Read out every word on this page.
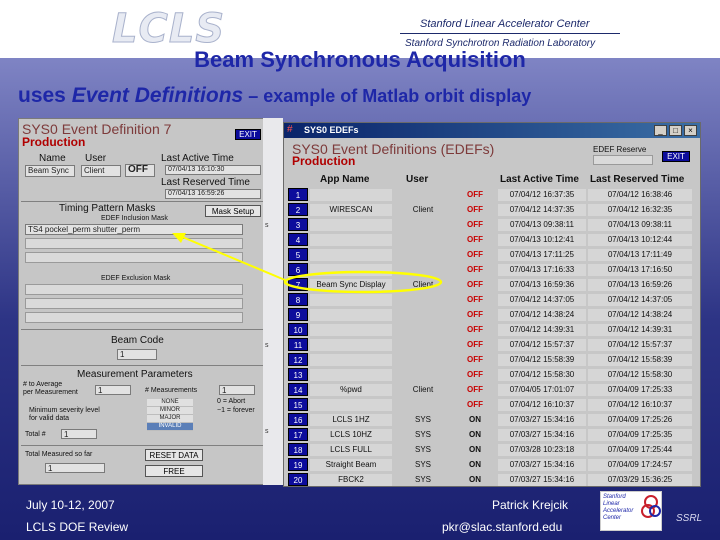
LCLS	Stanford Linear Accelerator Center
Stanford Synchrotron Radiation Laboratory
Beam Synchronous Acquisition
uses Event Definitions – example of Matlab orbit display
SYS0 Event Definition 7
Production
EXIT
Name User
Beam Sync	Client	OFF
Last Active Time
07/04/13 16:10:30
Last Reserved Time
07/04/13 16:59:26
Timing Pattern Masks	Mask Setup
EDEF Inclusion Mask
TS4 pockel_perm shutter_perm
EDEF Exclusion Mask
Beam Code
1
Measurement Parameters
# to Average
per Measurement	1	# Measurements	1
0 = Abort
−1 = forever
Minimum severity level
for valid data
NONE
MINOR
MAJOR
INVALID
Total #	1
Total Measured so far	RESET DATA
1	FREE
s
s
s
# SYS0 EDEFs	_	□	×
SYS0 Event Definitions (EDEFs)
Production
EDEF Reserve
EXIT
App Name	User	Last Active Time Last Reserved Time
1	OFF	07/04/12 16:37:35	07/04/12 16:38:46
2	WIRESCAN	Client	OFF	07/04/12 14:37:35	07/04/12 16:32:35
3	OFF	07/04/13 09:38:11	07/04/13 09:38:11
4	OFF	07/04/13 10:12:41	07/04/13 10:12:44
5	OFF	07/04/13 17:11:25	07/04/13 17:11:49
6	OFF	07/04/13 17:16:33	07/04/13 17:16:50
7	Beam Sync Display	Client	OFF	07/04/13 16:59:36	07/04/13 16:59:26
8	OFF	07/04/12 14:37:05	07/04/12 14:37:05
9	OFF	07/04/12 14:38:24	07/04/12 14:38:24
10	OFF	07/04/12 14:39:31	07/04/12 14:39:31
11	OFF	07/04/12 15:57:37	07/04/12 15:57:37
12	OFF	07/04/12 15:58:39	07/04/12 15:58:39
13	OFF	07/04/12 15:58:30	07/04/12 15:58:30
14	%pwd	Client	OFF	07/04/05 17:01:07	07/04/09 17:25:33
15	OFF	07/04/12 16:10:37	07/04/12 16:10:37
16	LCLS 1HZ	SYS	ON	07/03/27 15:34:16	07/04/09 17:25:26
17	LCLS 10HZ	SYS	ON	07/03/27 15:34:16	07/04/09 17:25:35
18	LCLS FULL	SYS	ON	07/03/28 10:23:18	07/04/09 17:25:44
19	Straight Beam	SYS	ON	07/03/27 15:34:16	07/04/09 17:24:57
20	FBCK2	SYS	ON	07/03/27 15:34:16	07/03/29 15:36:25
July 10-12, 2007
LCLS DOE Review
Patrick Krejcik
pkr@slac.stanford.edu
Stanford Linear Accelerator Center	SSRL
